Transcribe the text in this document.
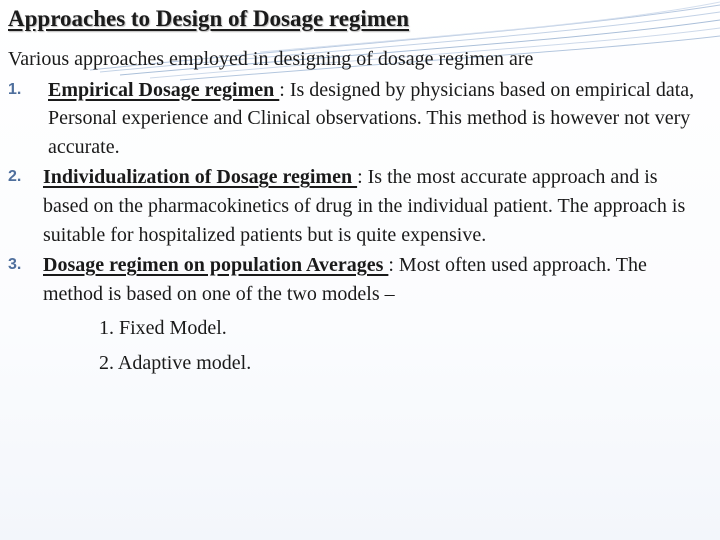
Approaches to Design of Dosage regimen

Various approaches employed in designing of dosage regimen are

1. Empirical Dosage regimen : Is designed by physicians based on empirical data, Personal experience and Clinical observations. This method is however not very accurate.
2. Individualization of Dosage regimen : Is the most accurate approach and is based on the pharmacokinetics of drug in the individual patient. The approach is suitable for hospitalized patients but is quite expensive.
3. Dosage regimen on population Averages : Most often used approach. The method is based on one of the two models –

1. Fixed Model.

2. Adaptive model.
